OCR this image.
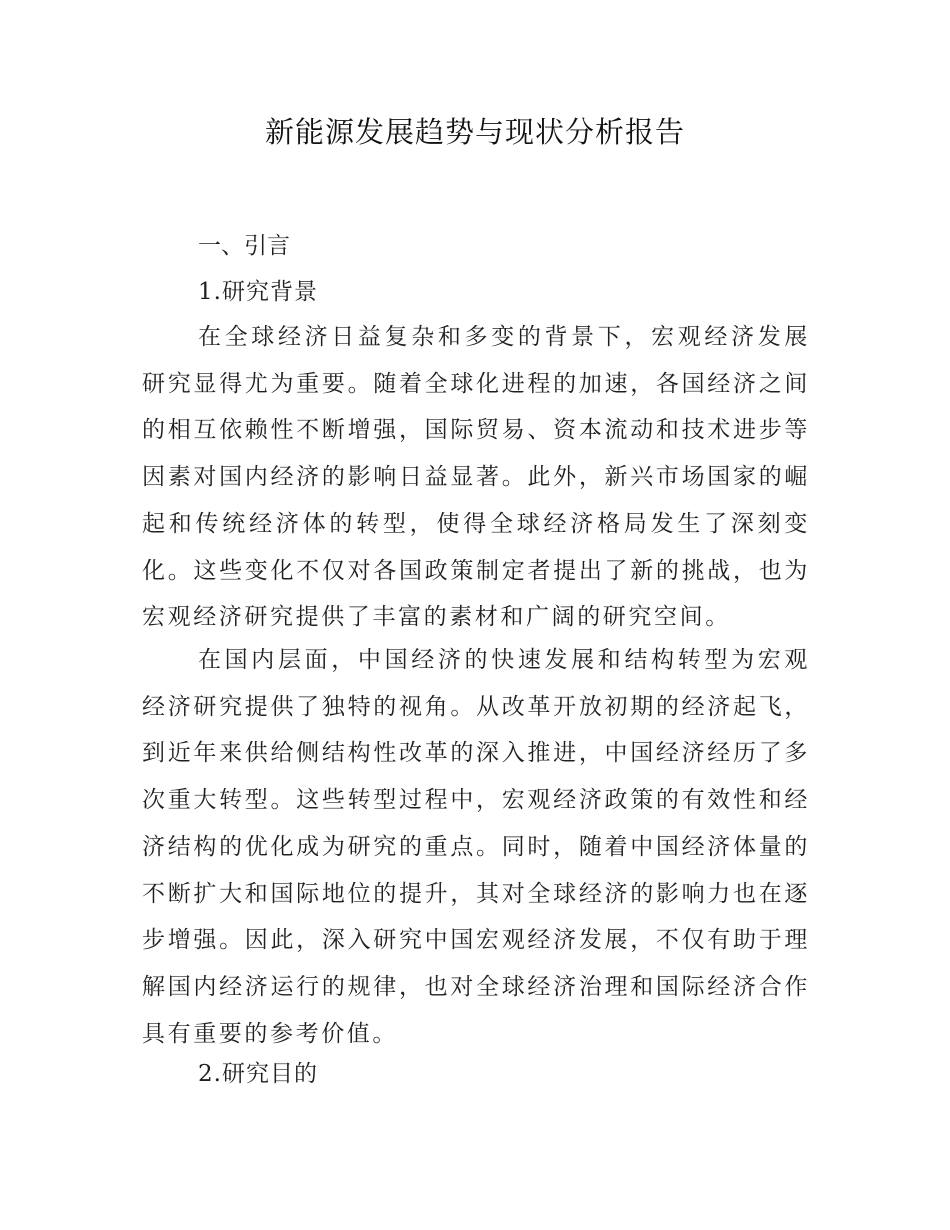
新能源发展趋势与现状分析报告
一、引言
1.研究背景

在全球经济日益复杂和多变的背景下，宏观经济发展研究显得尤为重要。随着全球化进程的加速，各国经济之间的相互依赖性不断增强，国际贸易、资本流动和技术进步等因素对国内经济的影响日益显著。此外，新兴市场国家的崛起和传统经济体的转型，使得全球经济格局发生了深刻变化。这些变化不仅对各国政策制定者提出了新的挑战，也为宏观经济研究提供了丰富的素材和广阔的研究空间。

在国内层面，中国经济的快速发展和结构转型为宏观经济研究提供了独特的视角。从改革开放初期的经济起飞，到近年来供给侧结构性改革的深入推进，中国经济经历了多次重大转型。这些转型过程中，宏观经济政策的有效性和经济结构的优化成为研究的重点。同时，随着中国经济体量的不断扩大和国际地位的提升，其对全球经济的影响力也在逐步增强。因此，深入研究中国宏观经济发展，不仅有助于理解国内经济运行的规律，也对全球经济治理和国际经济合作具有重要的参考价值。

2.研究目的
